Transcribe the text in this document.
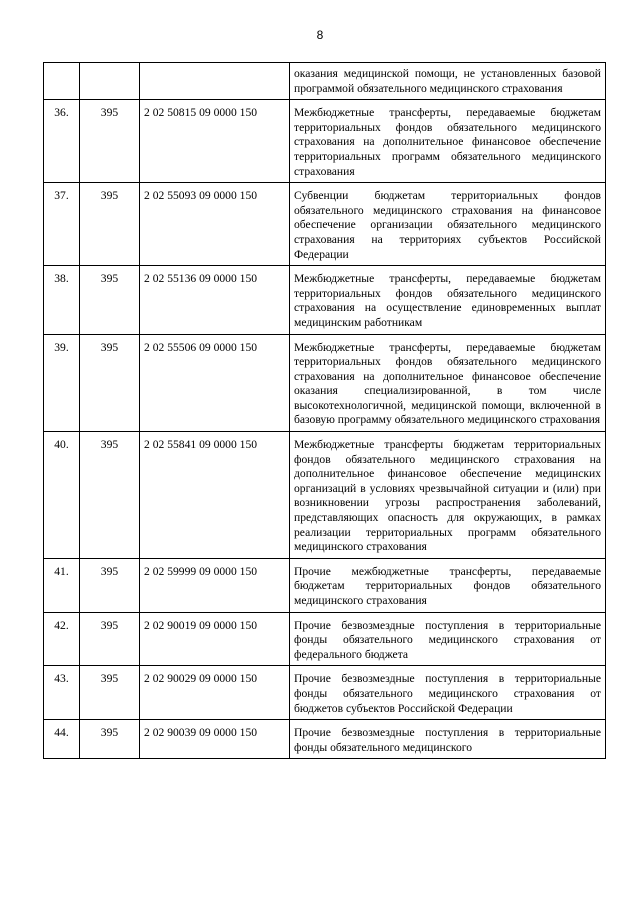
8
			оказания медицинской помощи, не установленных базовой программой обязательного медицинского страхования
36.	395	2 02 50815 09 0000 150	Межбюджетные трансферты, передаваемые бюджетам территориальных фондов обязательного медицинского страхования на дополнительное финансовое обеспечение территориальных программ обязательного медицинского страхования
37.	395	2 02 55093 09 0000 150	Субвенции бюджетам территориальных фондов обязательного медицинского страхования на финансовое обеспечение организации обязательного медицинского страхования на территориях субъектов Российской Федерации
38.	395	2 02 55136 09 0000 150	Межбюджетные трансферты, передаваемые бюджетам территориальных фондов обязательного медицинского страхования на осуществление единовременных выплат медицинским работникам
39.	395	2 02 55506 09 0000 150	Межбюджетные трансферты, передаваемые бюджетам территориальных фондов обязательного медицинского страхования на дополнительное финансовое обеспечение оказания специализированной, в том числе высокотехнологичной, медицинской помощи, включенной в базовую программу обязательного медицинского страхования
40.	395	2 02 55841 09 0000 150	Межбюджетные трансферты бюджетам территориальных фондов обязательного медицинского страхования на дополнительное финансовое обеспечение медицинских организаций в условиях чрезвычайной ситуации и (или) при возникновении угрозы распространения заболеваний, представляющих опасность для окружающих, в рамках реализации территориальных программ обязательного медицинского страхования
41.	395	2 02 59999 09 0000 150	Прочие межбюджетные трансферты, передаваемые бюджетам территориальных фондов обязательного медицинского страхования
42.	395	2 02 90019 09 0000 150	Прочие безвозмездные поступления в территориальные фонды обязательного медицинского страхования от федерального бюджета
43.	395	2 02 90029 09 0000 150	Прочие безвозмездные поступления в территориальные фонды обязательного медицинского страхования от бюджетов субъектов Российской Федерации
44.	395	2 02 90039 09 0000 150	Прочие безвозмездные поступления в территориальные фонды обязательного медицинского
